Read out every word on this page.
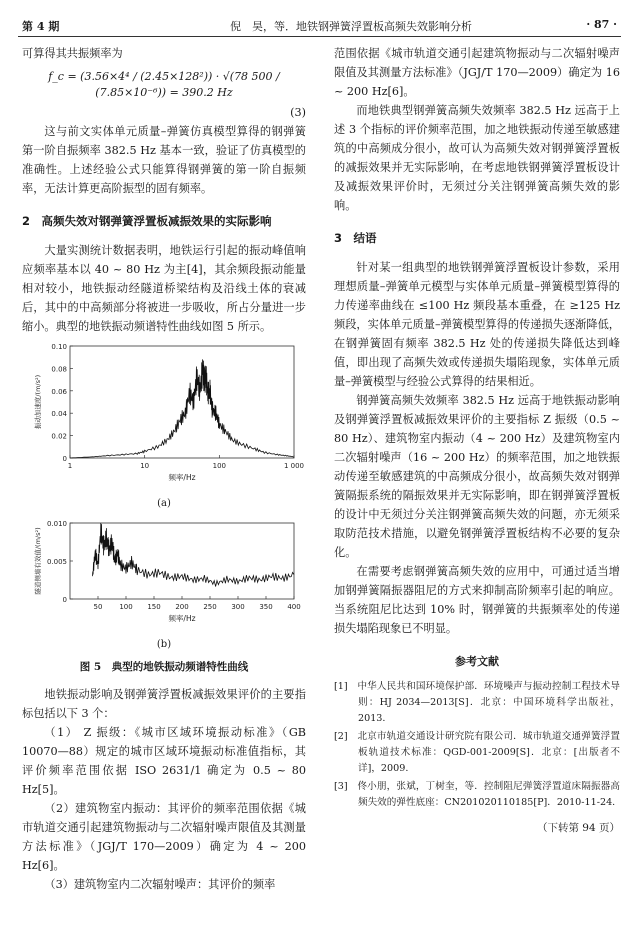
第 4 期	倪　昊，等．地铁钢弹簧浮置板高频失效影响分析	· 87 ·

可算得其共振频率为

f_c = (3.56×4⁴ / (2.45×128²)) · √(78 500 / (7.85×10⁻⁶)) = 390.2 Hz

(3)

这与前文实体单元质量–弹簧仿真模型算得的钢弹簧第一阶自振频率 382.5 Hz 基本一致，验证了仿真模型的准确性。上述经验公式只能算得钢弹簧的第一阶自振频率，无法计算更高阶振型的固有频率。

2　高频失效对钢弹簧浮置板减振效果的实际影响

大量实测统计数据表明，地铁运行引起的振动峰值响应频率基本以 40 ~ 80 Hz 为主[4]，其余频段振动能量相对较小，地铁振动经隧道桥梁结构及沿线土体的衰减后，其中的中高频部分将被进一步吸收，所占分量进一步缩小。典型的地铁振动频谱特性曲线如图 5 所示。

0
0.02
0.04
0.06
0.08
0.10
1	10	100	1 000
频率/Hz
振动加速度/(m/s²)

(a)

0
0.005
0.010
50 100 150 200 250 300 350 400
频率/Hz
隧道侧墙有效值/(m/s²)

(b)

图 5　典型的地铁振动频谱特性曲线

地铁振动影响及钢弹簧浮置板减振效果评价的主要指标包括以下 3 个：

（1） Z 振级：《城市区域环境振动标准》（GB 10070—88）规定的城市区域环境振动标准值指标，其评价频率范围依据 ISO 2631/1 确定为 0.5 ~ 80 Hz[5]。

（2）建筑物室内振动：其评价的频率范围依据《城市轨道交通引起建筑物振动与二次辐射噪声限值及其测量方法标准》（JGJ/T 170—2009）确定为 4 ~ 200 Hz[6]。

（3）建筑物室内二次辐射噪声：其评价的频率

范围依据《城市轨道交通引起建筑物振动与二次辐射噪声限值及其测量方法标准》（JGJ/T 170—2009）确定为 16 ~ 200 Hz[6]。

而地铁典型钢弹簧高频失效频率 382.5 Hz 远高于上述 3 个指标的评价频率范围，加之地铁振动传递至敏感建筑的中高频成分很小，故可认为高频失效对钢弹簧浮置板的减振效果并无实际影响，在考虑地铁钢弹簧浮置板设计及减振效果评价时，无须过分关注钢弹簧高频失效的影响。

3　结语

针对某一组典型的地铁钢弹簧浮置板设计参数，采用理想质量–弹簧单元模型与实体单元质量–弹簧模型算得的力传递率曲线在 ≤100 Hz 频段基本重叠，在 ≥125 Hz 频段，实体单元质量–弹簧模型算得的传递损失逐渐降低，在钢弹簧固有频率 382.5 Hz 处的传递损失降低达到峰值，即出现了高频失效或传递损失塌陷现象，实体单元质量–弹簧模型与经验公式算得的结果相近。

钢弹簧高频失效频率 382.5 Hz 远高于地铁振动影响及钢弹簧浮置板减振效果评价的主要指标 Z 振级（0.5 ~ 80 Hz）、建筑物室内振动（4 ~ 200 Hz）及建筑物室内二次辐射噪声（16 ~ 200 Hz）的频率范围，加之地铁振动传递至敏感建筑的中高频成分很小，故高频失效对钢弹簧隔振系统的隔振效果并无实际影响，即在钢弹簧浮置板的设计中无须过分关注钢弹簧高频失效的问题，亦无须采取防范技术措施，以避免钢弹簧浮置板结构不必要的复杂化。

在需要考虑钢弹簧高频失效的应用中，可通过适当增加钢弹簧隔振器阻尼的方式来抑制高阶频率引起的响应。当系统阻尼比达到 10% 时，钢弹簧的共振频率处的传递损失塌陷现象已不明显。

参考文献

[1]　中华人民共和国环境保护部．环境噪声与振动控制工程技术导则：HJ 2034—2013[S]．北京：中国环境科学出版社，2013.

[2]　北京市轨道交通设计研究院有限公司．城市轨道交通弹簧浮置板轨道技术标准：QGD-001-2009[S]．北京：[出版者不详]，2009.

[3]　佟小朋，张斌，丁树奎，等．控制阻尼弹簧浮置道床隔振器高频失效的弹性底座：CN201020110185[P]．2010-11-24.

（下转第 94 页）
